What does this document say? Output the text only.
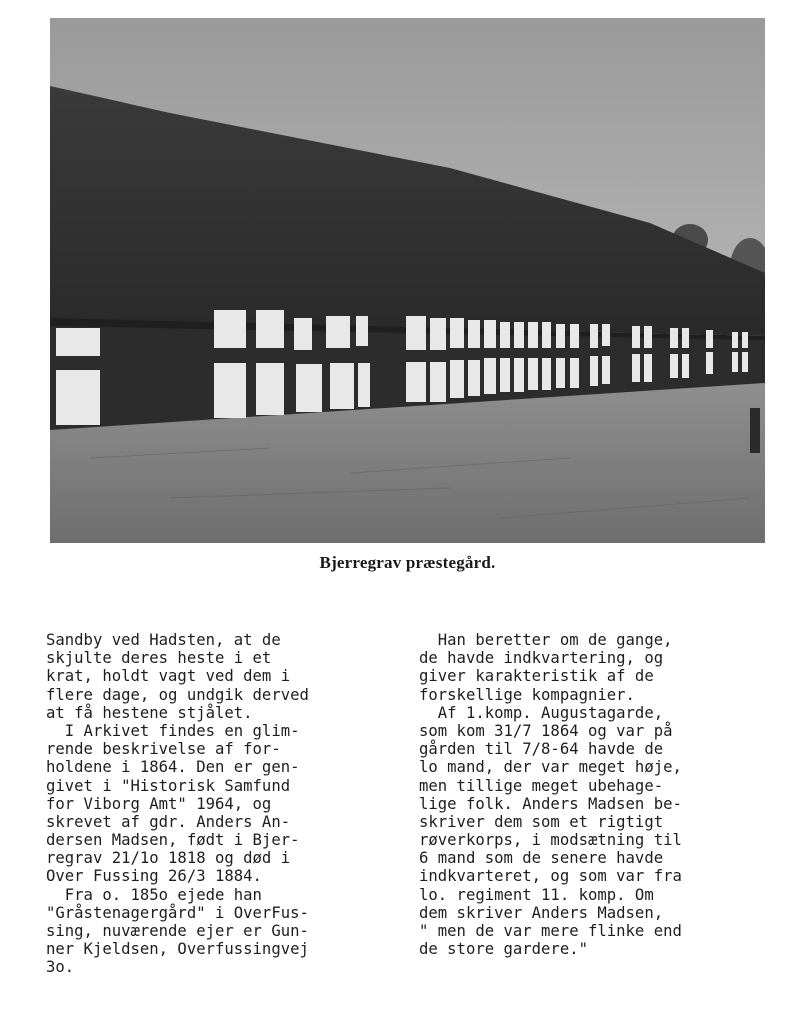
Bjerregrav præstegård.
Sandby ved Hadsten, at de
skjulte deres heste i et
krat, holdt vagt ved dem i
flere dage, og undgik derved
at få hestene stjålet.
I Arkivet findes en glim-
rende beskrivelse af for-
holdene i 1864. Den er gen-
givet i "Historisk Samfund
for Viborg Amt" 1964, og
skrevet af gdr. Anders An-
dersen Madsen, født i Bjer-
regrav 21/1o 1818 og død i
Over Fussing 26/3 1884.
Fra o. 185o ejede han
"Gråstenagergård" i OverFus-
sing, nuværende ejer er Gun-
ner Kjeldsen, Overfussingvej
3o.
Han beretter om de gange,
de havde indkvartering, og
giver karakteristik af de
forskellige kompagnier.
Af 1.komp. Augustagarde,
som kom 31/7 1864 og var på
gården til 7/8-64 havde de
lo mand, der var meget høje,
men tillige meget ubehage-
lige folk. Anders Madsen be-
skriver dem som et rigtigt
røverkorps, i modsætning til
6 mand som de senere havde
indkvarteret, og som var fra
lo. regiment 11. komp. Om
dem skriver Anders Madsen,
" men de var mere flinke end
de store gardere."
